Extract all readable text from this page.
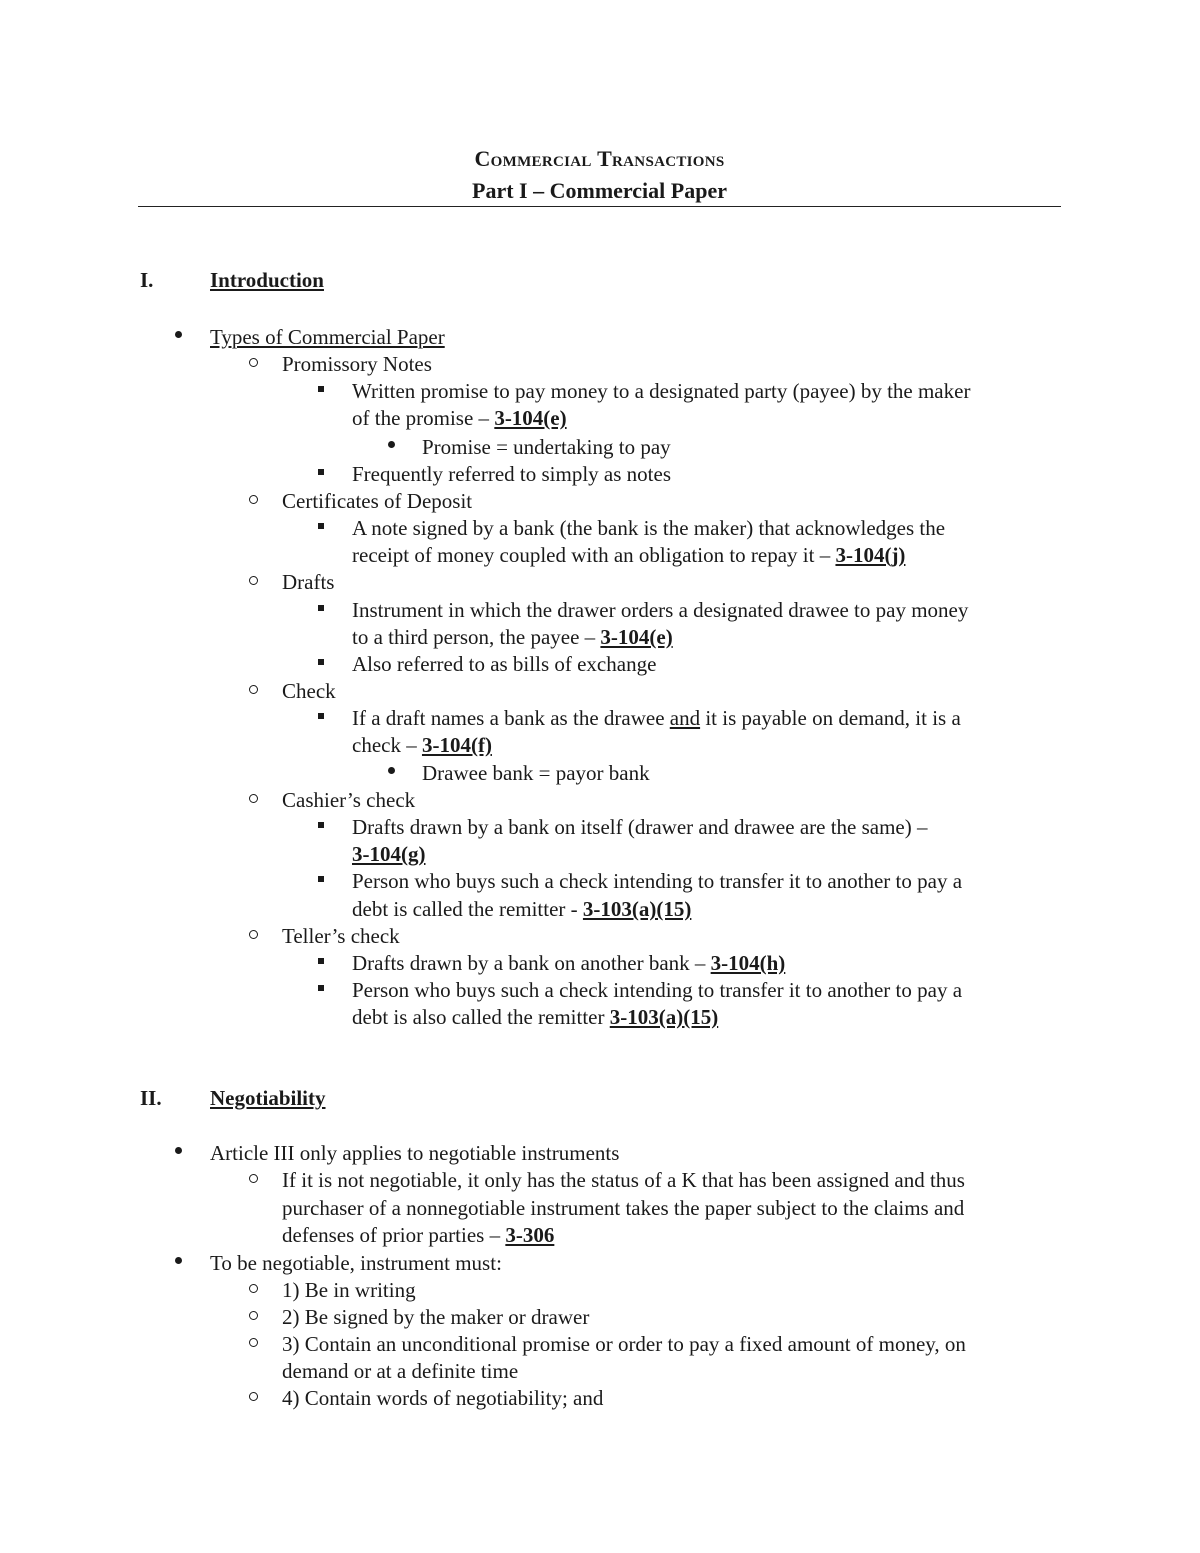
Commercial Transactions
Part I – Commercial Paper
I.	Introduction
Types of Commercial Paper
Promissory Notes
Written promise to pay money to a designated party (payee) by the maker
of the promise – 3-104(e)
Promise = undertaking to pay
Frequently referred to simply as notes
Certificates of Deposit
A note signed by a bank (the bank is the maker) that acknowledges the
receipt of money coupled with an obligation to repay it – 3-104(j)
Drafts
Instrument in which the drawer orders a designated drawee to pay money
to a third person, the payee – 3-104(e)
Also referred to as bills of exchange
Check
If a draft names a bank as the drawee and it is payable on demand, it is a
check – 3-104(f)
Drawee bank = payor bank
Cashier’s check
Drafts drawn by a bank on itself (drawer and drawee are the same) –
3-104(g)
Person who buys such a check intending to transfer it to another to pay a
debt is called the remitter - 3-103(a)(15)
Teller’s check
Drafts drawn by a bank on another bank – 3-104(h)
Person who buys such a check intending to transfer it to another to pay a
debt is also called the remitter 3-103(a)(15)
II. Negotiability
Article III only applies to negotiable instruments
If it is not negotiable, it only has the status of a K that has been assigned and thus
purchaser of a nonnegotiable instrument takes the paper subject to the claims and
defenses of prior parties – 3-306
To be negotiable, instrument must:
1) Be in writing
2) Be signed by the maker or drawer
3) Contain an unconditional promise or order to pay a fixed amount of money, on
demand or at a definite time
4) Contain words of negotiability; and
